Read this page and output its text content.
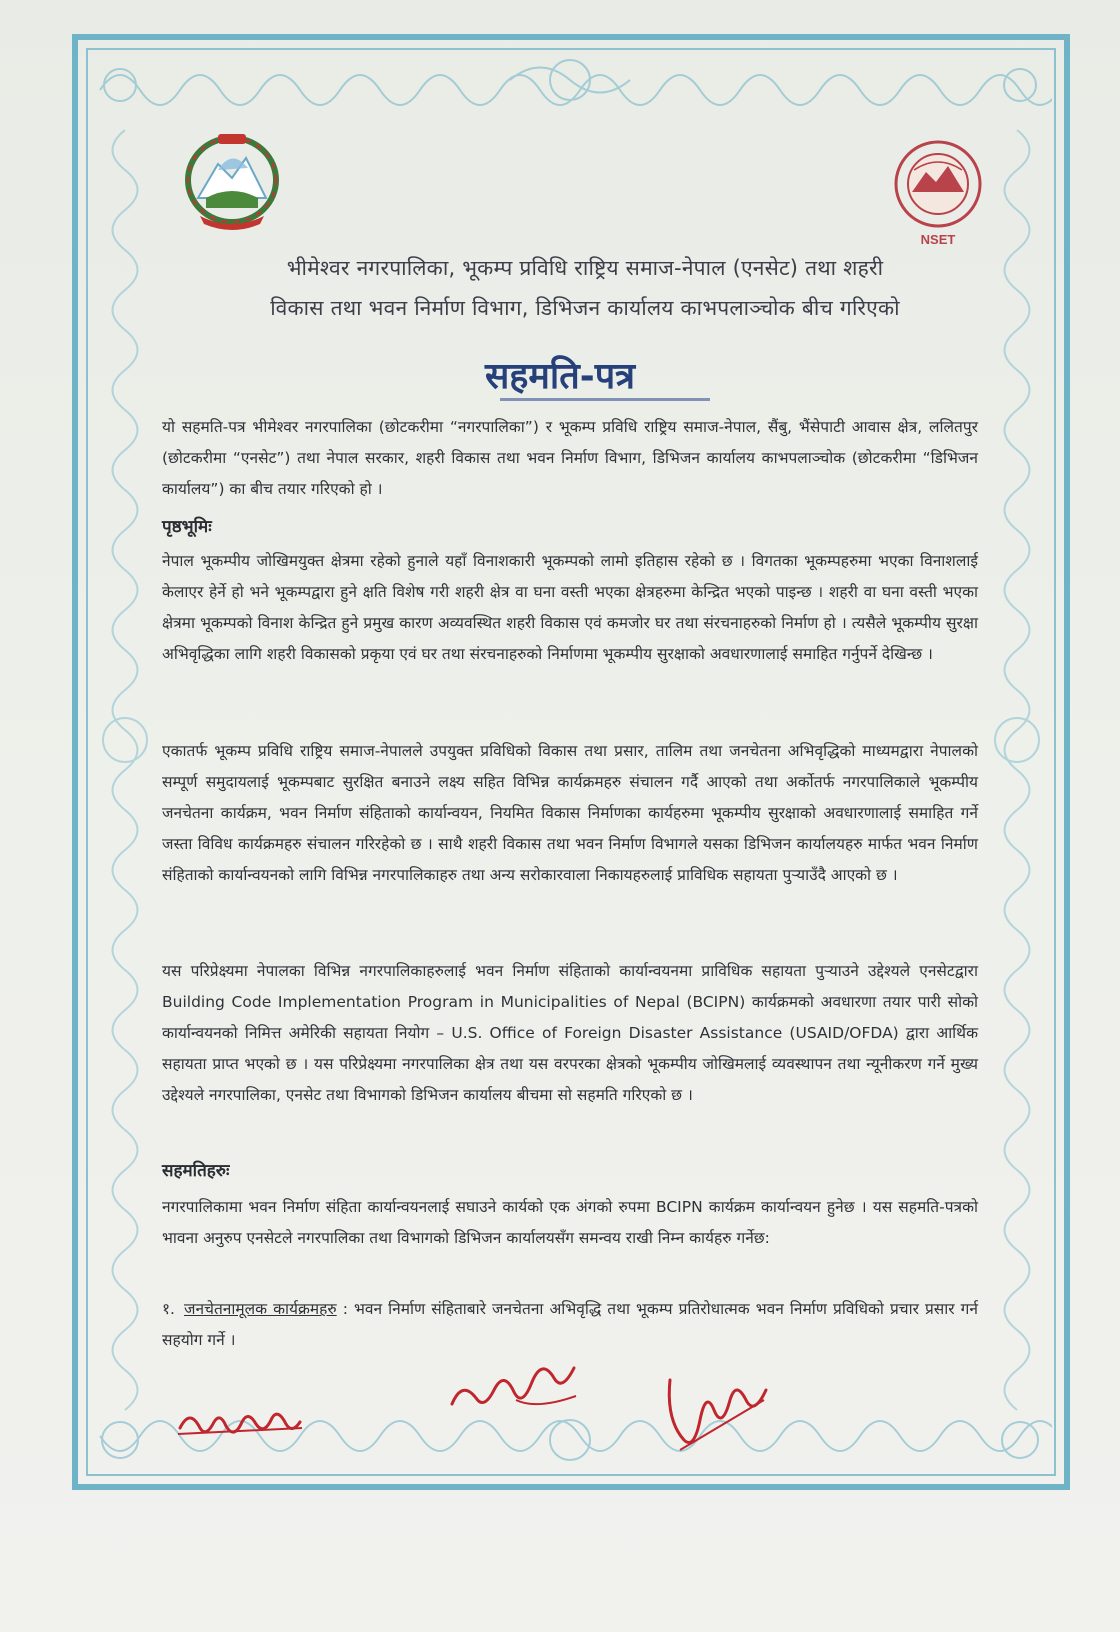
NSET
भीमेश्वर नगरपालिका, भूकम्प प्रविधि राष्ट्रिय समाज-नेपाल (एनसेट) तथा शहरी
विकास तथा भवन निर्माण विभाग, डिभिजन कार्यालय काभपलाञ्चोक बीच गरिएको
सहमति-पत्र

यो सहमति-पत्र भीमेश्वर नगरपालिका (छोटकरीमा “नगरपालिका”) र भूकम्प प्रविधि राष्ट्रिय समाज-नेपाल, सैंबु, भैंसेपाटी आवास क्षेत्र, ललितपुर (छोटकरीमा “एनसेट”) तथा नेपाल सरकार, शहरी विकास तथा भवन निर्माण विभाग, डिभिजन कार्यालय काभपलाञ्चोक (छोटकरीमा “डिभिजन कार्यालय”) का बीच तयार गरिएको हो ।

पृष्ठभूमिः

नेपाल भूकम्पीय जोखिमयुक्त क्षेत्रमा रहेको हुनाले यहाँ विनाशकारी भूकम्पको लामो इतिहास रहेको छ । विगतका भूकम्पहरुमा भएका विनाशलाई केलाएर हेर्ने हो भने भूकम्पद्वारा हुने क्षति विशेष गरी शहरी क्षेत्र वा घना वस्ती भएका क्षेत्रहरुमा केन्द्रित भएको पाइन्छ । शहरी वा घना वस्ती भएका क्षेत्रमा भूकम्पको विनाश केन्द्रित हुने प्रमुख कारण अव्यवस्थित शहरी विकास एवं कमजोर घर तथा संरचनाहरुको निर्माण हो । त्यसैले भूकम्पीय सुरक्षा अभिवृद्धिका लागि शहरी विकासको प्रकृया एवं घर तथा संरचनाहरुको निर्माणमा भूकम्पीय सुरक्षाको अवधारणालाई समाहित गर्नुपर्ने देखिन्छ ।

एकातर्फ भूकम्प प्रविधि राष्ट्रिय समाज-नेपालले उपयुक्त प्रविधिको विकास तथा प्रसार, तालिम तथा जनचेतना अभिवृद्धिको माध्यमद्वारा नेपालको सम्पूर्ण समुदायलाई भूकम्पबाट सुरक्षित बनाउने लक्ष्य सहित विभिन्न कार्यक्रमहरु संचालन गर्दै आएको तथा अर्कोतर्फ नगरपालिकाले भूकम्पीय जनचेतना कार्यक्रम, भवन निर्माण संहिताको कार्यान्वयन, नियमित विकास निर्माणका कार्यहरुमा भूकम्पीय सुरक्षाको अवधारणालाई समाहित गर्ने जस्ता विविध कार्यक्रमहरु संचालन गरिरहेको छ । साथै शहरी विकास तथा भवन निर्माण विभागले यसका डिभिजन कार्यालयहरु मार्फत भवन निर्माण संहिताको कार्यान्वयनको लागि विभिन्न नगरपालिकाहरु तथा अन्य सरोकारवाला निकायहरुलाई प्राविधिक सहायता पुऱ्याउँदै आएको छ ।

यस परिप्रेक्ष्यमा नेपालका विभिन्न नगरपालिकाहरुलाई भवन निर्माण संहिताको कार्यान्वयनमा प्राविधिक सहायता पुऱ्याउने उद्देश्यले एनसेटद्वारा Building Code Implementation Program in Municipalities of Nepal (BCIPN) कार्यक्रमको अवधारणा तयार पारी सोको कार्यान्वयनको निमित्त अमेरिकी सहायता नियोग – U.S. Office of Foreign Disaster Assistance (USAID/OFDA) द्वारा आर्थिक सहायता प्राप्त भएको छ । यस परिप्रेक्ष्यमा नगरपालिका क्षेत्र तथा यस वरपरका क्षेत्रको भूकम्पीय जोखिमलाई व्यवस्थापन तथा न्यूनीकरण गर्ने मुख्य उद्देश्यले नगरपालिका, एनसेट तथा विभागको डिभिजन कार्यालय बीचमा सो सहमति गरिएको छ ।

सहमतिहरुः

नगरपालिकामा भवन निर्माण संहिता कार्यान्वयनलाई सघाउने कार्यको एक अंगको रुपमा BCIPN कार्यक्रम कार्यान्वयन हुनेछ । यस सहमति-पत्रको भावना अनुरुप एनसेटले नगरपालिका तथा विभागको डिभिजन कार्यालयसँग समन्वय राखी निम्न कार्यहरु गर्नेछ:

१. जनचेतनामूलक कार्यक्रमहरु : भवन निर्माण संहिताबारे जनचेतना अभिवृद्धि तथा भूकम्प प्रतिरोधात्मक भवन निर्माण प्रविधिको प्रचार प्रसार गर्न सहयोग गर्ने ।
